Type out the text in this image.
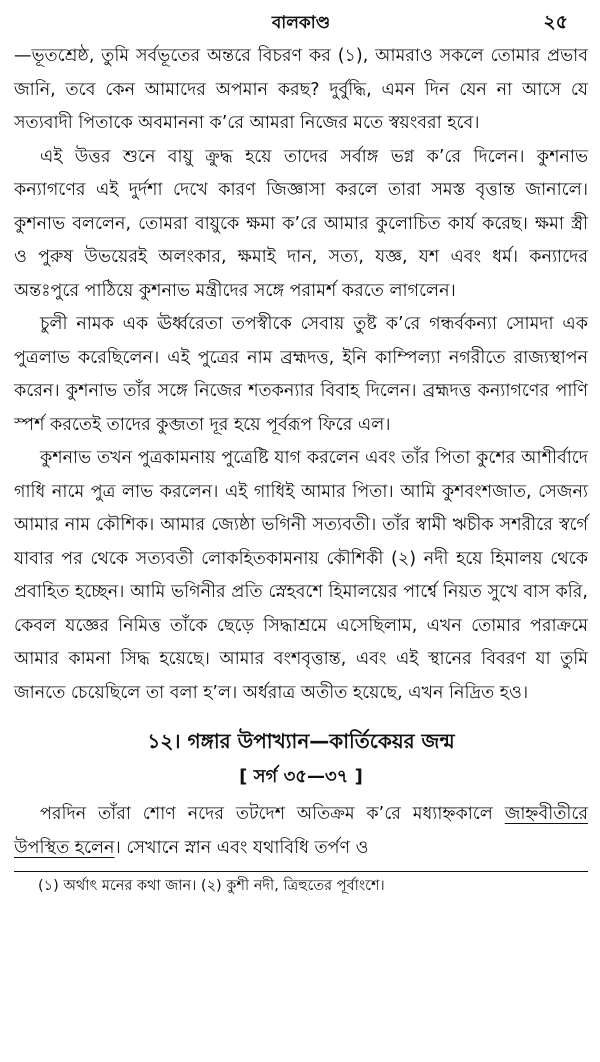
বালকাণ্ড	২৫

—ভূতশ্রেষ্ঠ, তুমি সর্বভূতের অন্তরে বিচরণ কর (১), আমরাও সকলে তোমার প্রভাব জানি, তবে কেন আমাদের অপমান করছ? দুর্বুদ্ধি, এমন দিন যেন না আসে যে সত্যবাদী পিতাকে অবমাননা ক’রে আমরা নিজের মতে স্বয়ংবরা হবে।

এই উত্তর শুনে বায়ু ক্রুদ্ধ হয়ে তাদের সর্বাঙ্গ ভগ্ন ক’রে দিলেন। কুশনাভ কন্যাগণের এই দুর্দশা দেখে কারণ জিজ্ঞাসা করলে তারা সমস্ত বৃত্তান্ত জানালে। কুশনাভ বললেন, তোমরা বায়ুকে ক্ষমা ক’রে আমার কুলোচিত কার্য করেছ। ক্ষমা স্ত্রী ও পুরুষ উভয়েরই অলংকার, ক্ষমাই দান, সত্য, যজ্ঞ, যশ এবং ধর্ম। কন্যাদের অন্তঃপুরে পাঠিয়ে কুশনাভ মন্ত্রীদের সঙ্গে পরামর্শ করতে লাগলেন।

চুলী নামক এক ঊর্ধ্বরেতা তপস্বীকে সেবায় তুষ্ট ক’রে গন্ধর্বকন্যা সোমদা এক পুত্রলাভ করেছিলেন। এই পুত্রের নাম ব্রহ্মদত্ত, ইনি কাম্পিল্যা নগরীতে রাজ্যস্থাপন করেন। কুশনাভ তাঁর সঙ্গে নিজের শতকন্যার বিবাহ দিলেন। ব্রহ্মদত্ত কন্যাগণের পাণি স্পর্শ করতেই তাদের কুব্জতা দূর হয়ে পূর্বরূপ ফিরে এল।

কুশনাভ তখন পুত্রকামনায় পুত্রেষ্টি যাগ করলেন এবং তাঁর পিতা কুশের আশীর্বাদে গাধি নামে পুত্র লাভ করলেন। এই গাধিই আমার পিতা। আমি কুশবংশজাত, সেজন্য আমার নাম কৌশিক। আমার জ্যেষ্ঠা ভগিনী সত্যবতী। তাঁর স্বামী ঋচীক সশরীরে স্বর্গে যাবার পর থেকে সত্যবতী লোকহিতকামনায় কৌশিকী (২) নদী হয়ে হিমালয় থেকে প্রবাহিত হচ্ছেন। আমি ভগিনীর প্রতি স্নেহবশে হিমালয়ের পার্শ্বে নিয়ত সুখে বাস করি, কেবল যজ্ঞের নিমিত্ত তাঁকে ছেড়ে সিদ্ধাশ্রমে এসেছিলাম, এখন তোমার পরাক্রমে আমার কামনা সিদ্ধ হয়েছে। আমার বংশবৃত্তান্ত, এবং এই স্থানের বিবরণ যা তুমি জানতে চেয়েছিলে তা বলা হ’ল। অর্ধরাত্র অতীত হয়েছে, এখন নিদ্রিত হও।

১২। গঙ্গার উপাখ্যান—কার্তিকেয়র জন্ম
[ সর্গ ৩৫—৩৭ ]

পরদিন তাঁরা শোণ নদের তটদেশ অতিক্রম ক’রে মধ্যাহ্নকালে জাহ্নবীতীরে উপস্থিত হলেন। সেখানে স্নান এবং যথাবিধি তর্পণ ও

(১) অর্থাৎ মনের কথা জান। (২) কুশী নদী, ত্রিহুতের পূর্বাংশে।
